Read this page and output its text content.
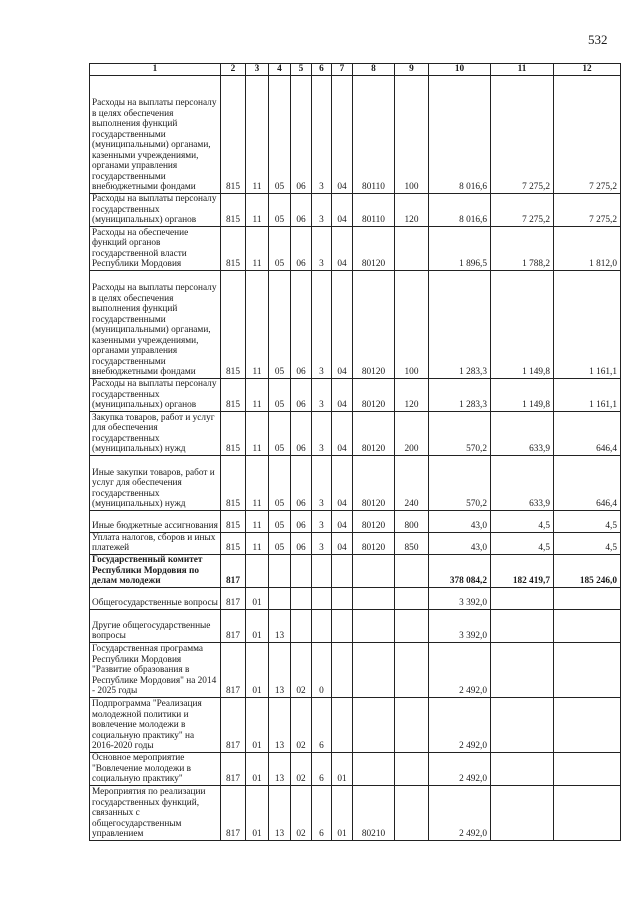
532
1	2	3	4	5	6	7	8	9	10	11	12
Расходы на выплаты персоналу в целях обеспечения выполнения функций государственными (муниципальными) органами, казенными учреждениями, органами управления государственными внебюджетными фондами	815	11	05	06	3	04	80110	100	8 016,6	7 275,2	7 275,2
Расходы на выплаты персоналу государственных (муниципальных) органов	815	11	05	06	3	04	80110	120	8 016,6	7 275,2	7 275,2
Расходы на обеспечение функций органов государственной власти Республики Мордовия	815	11	05	06	3	04	80120		1 896,5	1 788,2	1 812,0
Расходы на выплаты персоналу в целях обеспечения выполнения функций государственными (муниципальными) органами, казенными учреждениями, органами управления государственными внебюджетными фондами	815	11	05	06	3	04	80120	100	1 283,3	1 149,8	1 161,1
Расходы на выплаты персоналу государственных (муниципальных) органов	815	11	05	06	3	04	80120	120	1 283,3	1 149,8	1 161,1
Закупка товаров, работ и услуг для обеспечения государственных (муниципальных) нужд	815	11	05	06	3	04	80120	200	570,2	633,9	646,4
Иные закупки товаров, работ и услуг для обеспечения государственных (муниципальных) нужд	815	11	05	06	3	04	80120	240	570,2	633,9	646,4
Иные бюджетные ассигнования	815	11	05	06	3	04	80120	800	43,0	4,5	4,5
Уплата налогов, сборов и иных платежей	815	11	05	06	3	04	80120	850	43,0	4,5	4,5
Государственный комитет Республики Мордовия по делам молодежи	817								378 084,2	182 419,7	185 246,0
Общегосударственные вопросы	817	01							3 392,0		
Другие общегосударственные вопросы	817	01	13						3 392,0		
Государственная программа Республики Мордовия "Развитие образования в Республике Мордовия" на 2014 - 2025 годы	817	01	13	02	0				2 492,0		
Подпрограмма "Реализация молодежной политики и вовлечение молодежи в социальную практику" на 2016-2020 годы	817	01	13	02	6				2 492,0		
Основное мероприятие "Вовлечение молодежи в социальную практику"	817	01	13	02	6	01			2 492,0		
Мероприятия по реализации государственных функций, связанных с общегосударственным управлением	817	01	13	02	6	01	80210		2 492,0		
